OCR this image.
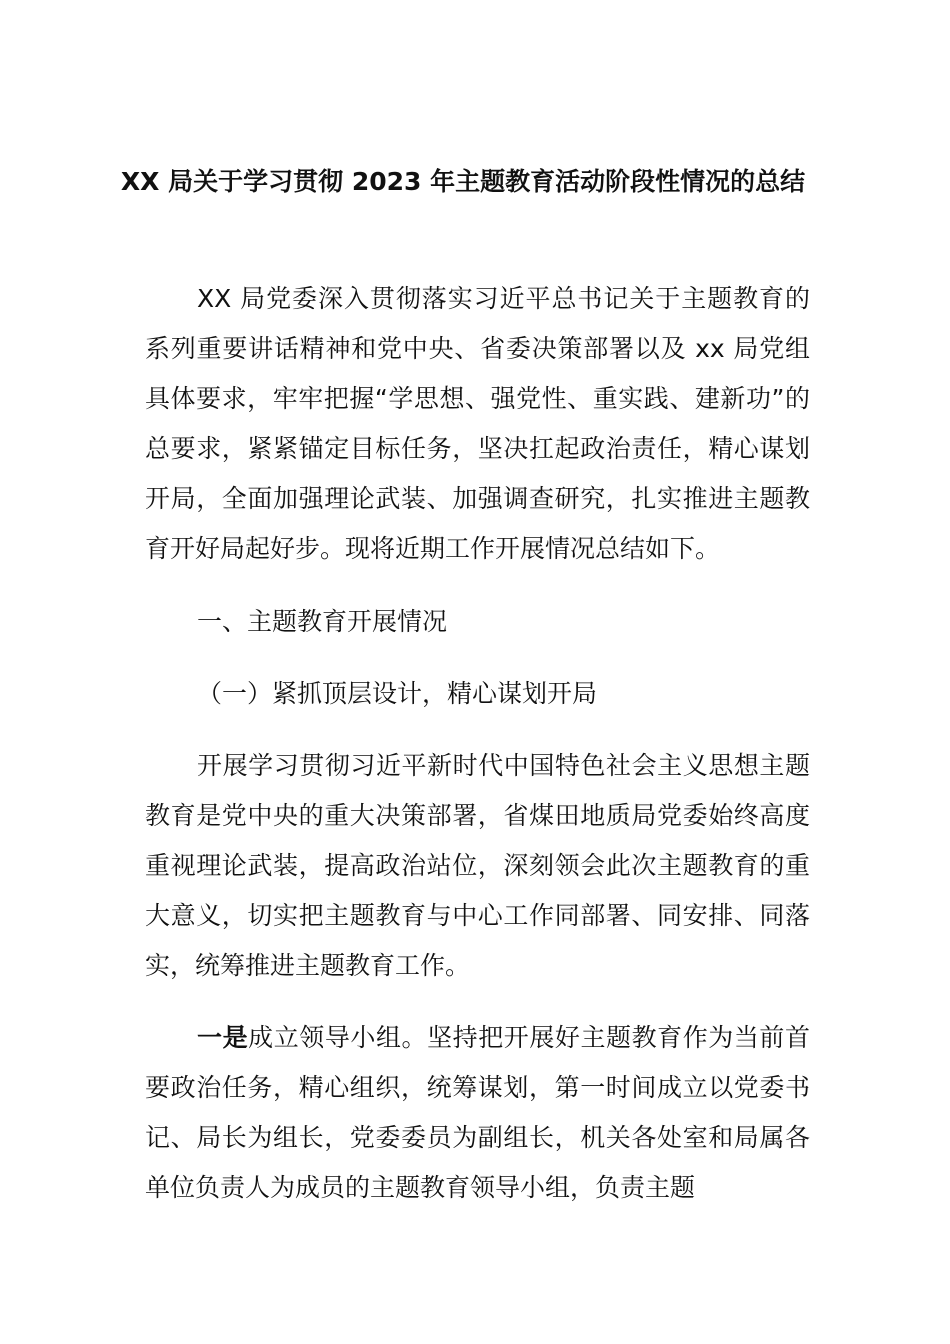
XX 局关于学习贯彻 2023 年主题教育活动阶段性情况的总结

XX 局党委深入贯彻落实习近平总书记关于主题教育的系列重要讲话精神和党中央、省委决策部署以及 xx 局党组具体要求，牢牢把握“学思想、强党性、重实践、建新功”的总要求，紧紧锚定目标任务，坚决扛起政治责任，精心谋划开局，全面加强理论武装、加强调查研究，扎实推进主题教育开好局起好步。现将近期工作开展情况总结如下。

一、主题教育开展情况

（一）紧抓顶层设计，精心谋划开局

开展学习贯彻习近平新时代中国特色社会主义思想主题教育是党中央的重大决策部署，省煤田地质局党委始终高度重视理论武装，提高政治站位，深刻领会此次主题教育的重大意义，切实把主题教育与中心工作同部署、同安排、同落实，统筹推进主题教育工作。

一是成立领导小组。坚持把开展好主题教育作为当前首要政治任务，精心组织，统筹谋划，第一时间成立以党委书记、局长为组长，党委委员为副组长，机关各处室和局属各单位负责人为成员的主题教育领导小组，负责主题
